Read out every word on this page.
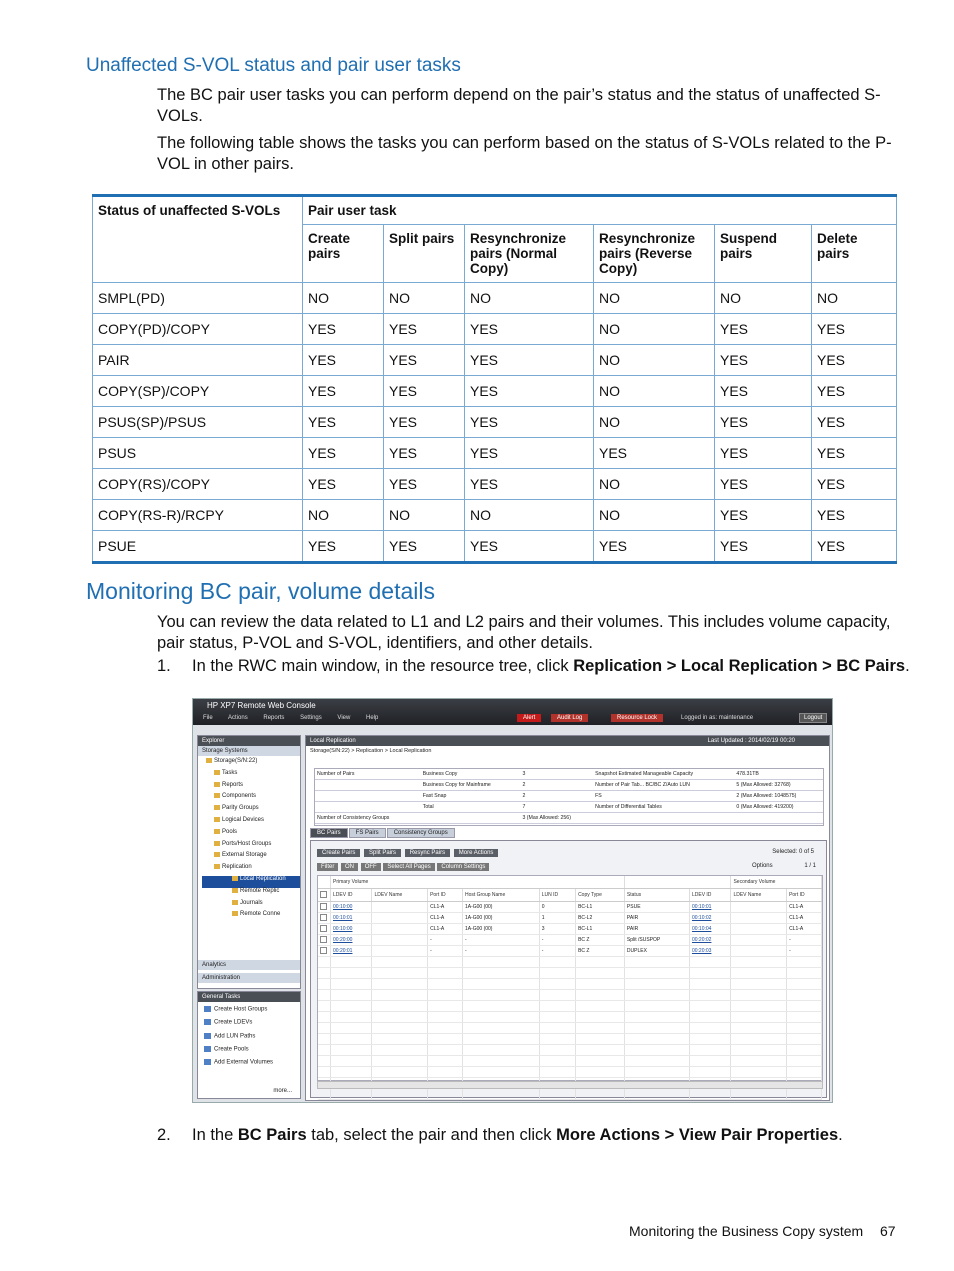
Unaffected S-VOL status and pair user tasks
The BC pair user tasks you can perform depend on the pair’s status and the status of unaffected S-VOLs.
The following table shows the tasks you can perform based on the status of S-VOLs related to the P-VOL in other pairs.
Status of unaffected S-VOLs	Pair user task					
	Create pairs	Split pairs	Resynchronize pairs (Normal Copy)	Resynchronize pairs (Reverse Copy)	Suspend pairs	Delete pairs
SMPL(PD)	NO	NO	NO	NO	NO	NO
COPY(PD)/COPY	YES	YES	YES	NO	YES	YES
PAIR	YES	YES	YES	NO	YES	YES
COPY(SP)/COPY	YES	YES	YES	NO	YES	YES
PSUS(SP)/PSUS	YES	YES	YES	NO	YES	YES
PSUS	YES	YES	YES	YES	YES	YES
COPY(RS)/COPY	YES	YES	YES	NO	YES	YES
COPY(RS-R)/RCPY	NO	NO	NO	NO	YES	YES
PSUE	YES	YES	YES	YES	YES	YES
Monitoring BC pair, volume details
You can review the data related to L1 and L2 pairs and their volumes. This includes volume capacity, pair status, P-VOL and S-VOL, identifiers, and other details.
1. In the RWC main window, in the resource tree, click Replication > Local Replication > BC Pairs.
HP XP7 Remote Web Console
File	Actions	Reports	Settings	View	Help	Alert	Audit Log	Resource Lock	Logged in as: maintenance	Logout
Explorer
Storage Systems
Storage(S/N:22)
Tasks
Reports
Components
Parity Groups
Logical Devices
Pools
Ports/Host Groups
External Storage
Replication
Local Replication
Remote Replic
Journals
Remote Conne
Analytics
Administration
General Tasks
Create Host Groups
Create LDEVs
Add LUN Paths
Create Pools
Add External Volumes
more...
Local Replication	Last Updated : 2014/02/19 00:20
Storage(S/N:22) > Replication > Local Replication
Number of Pairs	Business Copy	3	Snapshot Estimated Manageable Capacity	478.31TB
	Business Copy for Mainframe	2	Number of Pair Tab... BC/BC Z/Auto LUN	5 (Max Allowed: 32768)
	Fast Snap	2	FS	2 (Max Allowed: 1048575)
	Total	7	Number of Differential Tables	0 (Max Allowed: 419200)
Number of Consistency Groups		3 (Max Allowed: 256)		
BC Pairs	FS Pairs	Consistency Groups
Create Pairs Split Pairs Resync Pairs More Actions	Selected: 0 of 5
Filter ON OFF Select All Pages Column Settings	Options	1 / 1
	Primary Volume								Secondary Volume	
	LDEV ID	LDEV Name	Port ID	Host Group Name	LUN ID	Copy Type	Status	LDEV ID	LDEV Name	Port ID
	00:10:00		CL1-A	1A-G00 (00)	0	BC-L1	PSUE	00:10:01		CL1-A
	00:10:01		CL1-A	1A-G00 (00)	1	BC-L2	PAIR	00:10:02		CL1-A
	00:10:00		CL1-A	1A-G00 (00)	3	BC-L1	PAIR	00:10:04		CL1-A
	00:20:00		-	-	-	BC Z	Split /SUSPOP	00:20:02		-
	00:20:01		-	-	-	BC Z	DUPLEX	00:20:03		-

2. In the BC Pairs tab, select the pair and then click More Actions > View Pair Properties.
Monitoring the Business Copy system 67
